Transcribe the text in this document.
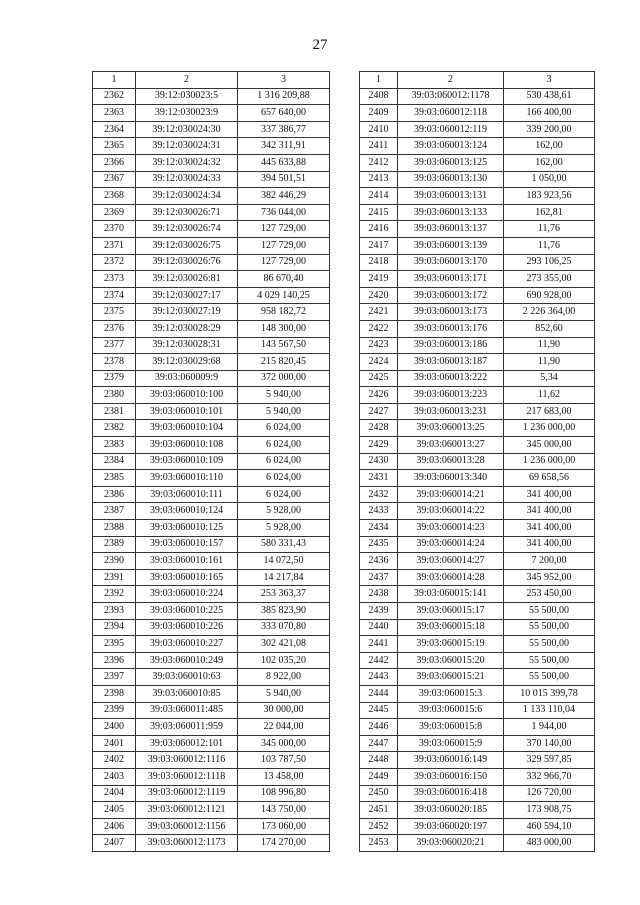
27
1	2	3
2362	39:12:030023:5	1 316 209,88
2363	39:12:030023:9	657 640,00
2364	39:12:030024:30	337 386,77
2365	39:12:030024:31	342 311,91
2366	39:12:030024:32	445 633,88
2367	39:12:030024:33	394 501,51
2368	39:12:030024:34	382 446,29
2369	39:12:030026:71	736 044,00
2370	39:12:030026:74	127 729,00
2371	39:12:030026:75	127 729,00
2372	39:12:030026:76	127 729,00
2373	39:12:030026:81	86 670,40
2374	39:12:030027:17	4 029 140,25
2375	39:12:030027:19	958 182,72
2376	39:12:030028:29	148 300,00
2377	39:12:030028:31	143 567,50
2378	39:12:030029:68	215 820,45
2379	39:03:060009:9	372 000,00
2380	39:03:060010:100	5 940,00
2381	39:03:060010:101	5 940,00
2382	39:03:060010:104	6 024,00
2383	39:03:060010:108	6 024,00
2384	39:03:060010:109	6 024,00
2385	39:03:060010:110	6 024,00
2386	39:03:060010:111	6 024,00
2387	39:03:060010:124	5 928,00
2388	39:03:060010:125	5 928,00
2389	39:03:060010:157	580 331,43
2390	39:03:060010:161	14 072,50
2391	39:03:060010:165	14 217,84
2392	39:03:060010:224	253 363,37
2393	39:03:060010:225	385 823,90
2394	39:03:060010:226	333 070,80
2395	39:03:060010:227	302 421,08
2396	39:03:060010:249	102 035,20
2397	39:03:060010:63	8 922,00
2398	39:03:060010:85	5 940,00
2399	39:03:060011:485	30 000,00
2400	39:03:060011:959	22 044,00
2401	39:03:060012:101	345 000,00
2402	39:03:060012:1116	103 787,50
2403	39:03:060012:1118	13 458,00
2404	39:03:060012:1119	108 996,80
2405	39:03:060012:1121	143 750,00
2406	39:03:060012:1156	173 060,00
2407	39:03:060012:1173	174 270,00
1	2	3
2408	39:03:060012:1178	530 438,61
2409	39:03:060012:118	166 400,00
2410	39:03:060012:119	339 200,00
2411	39:03:060013:124	162,00
2412	39:03:060013:125	162,00
2413	39:03:060013:130	1 050,00
2414	39:03:060013:131	183 923,56
2415	39:03:060013:133	162,81
2416	39:03:060013:137	11,76
2417	39:03:060013:139	11,76
2418	39:03:060013:170	293 106,25
2419	39:03:060013:171	273 355,00
2420	39:03:060013:172	690 928,00
2421	39:03:060013:173	2 226 364,00
2422	39:03:060013:176	852,60
2423	39:03:060013:186	11,90
2424	39:03:060013:187	11,90
2425	39:03:060013:222	5,34
2426	39:03:060013:223	11,62
2427	39:03:060013:231	217 683,00
2428	39:03:060013:25	1 236 000,00
2429	39:03:060013:27	345 000,00
2430	39:03:060013:28	1 236 000,00
2431	39:03:060013:340	69 658,56
2432	39:03:060014:21	341 400,00
2433	39:03:060014:22	341 400,00
2434	39:03:060014:23	341 400,00
2435	39:03:060014:24	341 400,00
2436	39:03:060014:27	7 200,00
2437	39:03:060014:28	345 952,00
2438	39:03:060015:141	253 450,00
2439	39:03:060015:17	55 500,00
2440	39:03:060015:18	55 500,00
2441	39:03:060015:19	55 500,00
2442	39:03:060015:20	55 500,00
2443	39:03:060015:21	55 500,00
2444	39:03:060015:3	10 015 399,78
2445	39:03:060015:6	1 133 110,04
2446	39:03:060015:8	1 944,00
2447	39:03:060015:9	370 140,00
2448	39:03:060016:149	329 597,85
2449	39:03:060016:150	332 966,70
2450	39:03:060016:418	126 720,00
2451	39:03:060020:185	173 908,75
2452	39:03:060020:197	460 594,10
2453	39:03:060020:21	483 000,00
